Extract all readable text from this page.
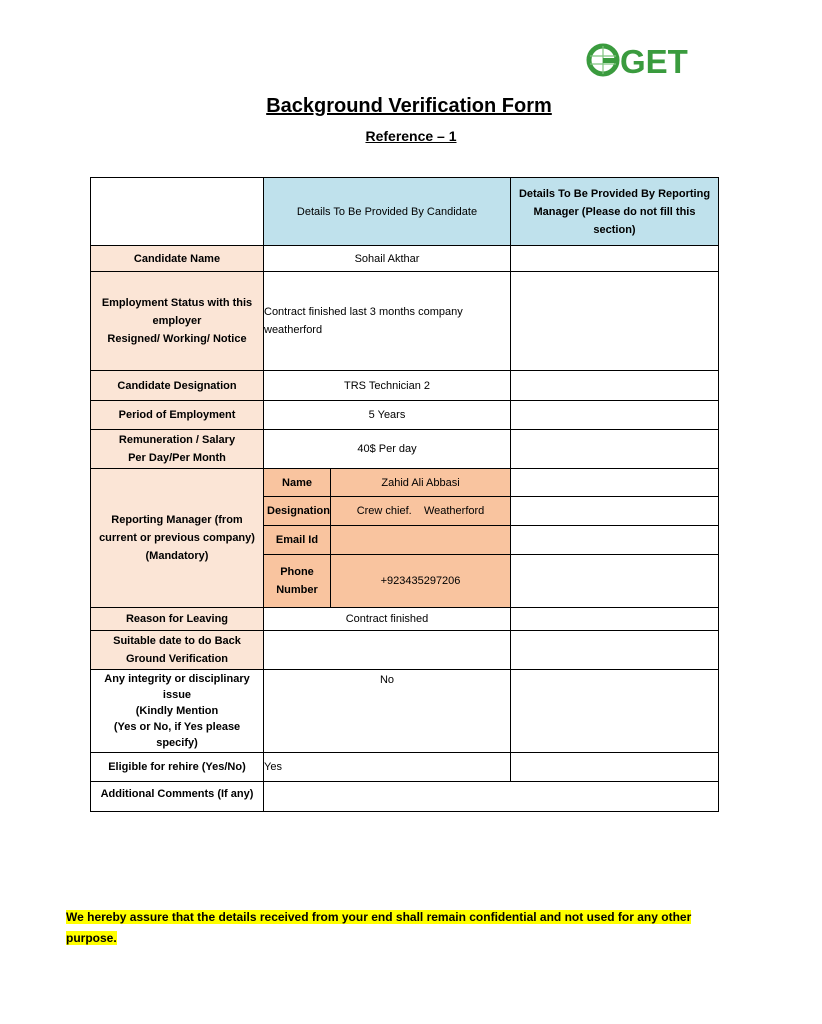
GET
Background Verification Form
Reference – 1
	Details To Be Provided By Candidate		Details To Be Provided By Reporting Manager (Please do not fill this section)
Candidate Name	Sohail Akthar		

Employment Status with this employer
Resigned/ Working/ Notice	Contract finished last 3 months company weatherford		
Candidate Designation	TRS Technician 2		
Period of Employment	5 Years		

Remuneration / Salary
Per Day/Per Month	40$ Per day		
Reporting Manager (from current or previous company) (Mandatory)	Name	Zahid Ali Abbasi	
	Designation	Crew chief.    Weatherford	
	Email Id		
	Phone Number	+923435297206	
Reason for Leaving	Contract finished		
Suitable date to do Back Ground Verification			

Any integrity or disciplinary issue
(Kindly Mention
(Yes or No, if Yes please specify)	No		
Eligible for rehire (Yes/No)	Yes		
Additional Comments (If any)			
We hereby assure that the details received from your end shall remain confidential and not used for any other purpose.
